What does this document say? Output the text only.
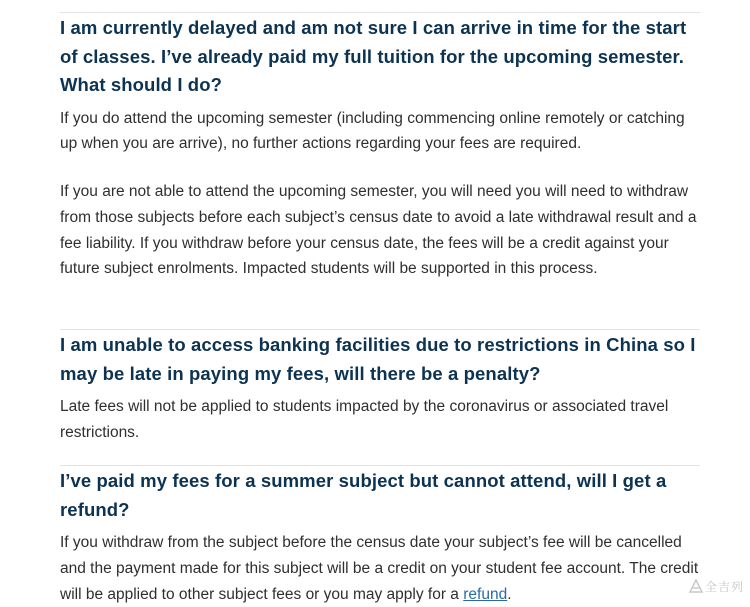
I am currently delayed and am not sure I can arrive in time for the start of classes. I’ve already paid my full tuition for the upcoming semester. What should I do?

If you do attend the upcoming semester (including commencing online remotely or catching up when you are arrive), no further actions regarding your fees are required.

If you are not able to attend the upcoming semester, you will need you will need to withdraw from those subjects before each subject’s census date to avoid a late withdrawal result and a fee liability. If you withdraw before your census date, the fees will be a credit against your future subject enrolments. Impacted students will be supported in this process.

I am unable to access banking facilities due to restrictions in China so I may be late in paying my fees, will there be a penalty?

Late fees will not be applied to students impacted by the coronavirus or associated travel restrictions.

I’ve paid my fees for a summer subject but cannot attend, will I get a refund?

If you withdraw from the subject before the census date your subject’s fee will be cancelled and the payment made for this subject will be a credit on your student fee account. The credit will be applied to other subject fees or you may apply for a refund.	全吉列
